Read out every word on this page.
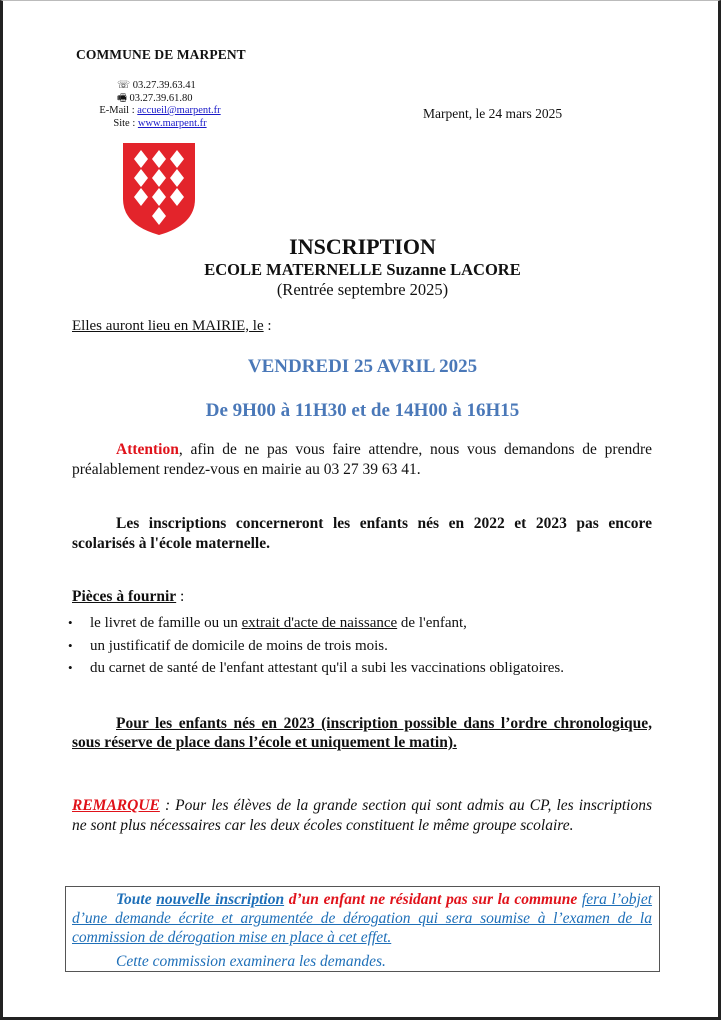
COMMUNE DE MARPENT
☏ 03.27.39.63.41
🖷 03.27.39.61.80
E-Mail : accueil@marpent.fr
Site : www.marpent.fr
Marpent, le 24 mars 2025
INSCRIPTION
ECOLE MATERNELLE Suzanne LACORE
(Rentrée septembre 2025)
Elles auront lieu en MAIRIE, le :
VENDREDI 25 AVRIL 2025
De 9H00 à 11H30 et de 14H00 à 16H15
Attention, afin de ne pas vous faire attendre, nous vous demandons de prendre préalablement rendez-vous en mairie au 03 27 39 63 41.
Les inscriptions concerneront les enfants nés en 2022 et 2023 pas encore scolarisés à l'école maternelle.
Pièces à fournir :
• le livret de famille ou un extrait d'acte de naissance de l'enfant,
• un justificatif de domicile de moins de trois mois.
• du carnet de santé de l'enfant attestant qu'il a subi les vaccinations obligatoires.
Pour les enfants nés en 2023 (inscription possible dans l’ordre chronologique, sous réserve de place dans l’école et uniquement le matin).
REMARQUE : Pour les élèves de la grande section qui sont admis au CP, les inscriptions ne sont plus nécessaires car les deux écoles constituent le même groupe scolaire.
Toute nouvelle inscription d’un enfant ne résidant pas sur la commune fera l’objet d’une demande écrite et argumentée de dérogation qui sera soumise à l’examen de la commission de dérogation mise en place à cet effet.
Cette commission examinera les demandes.
